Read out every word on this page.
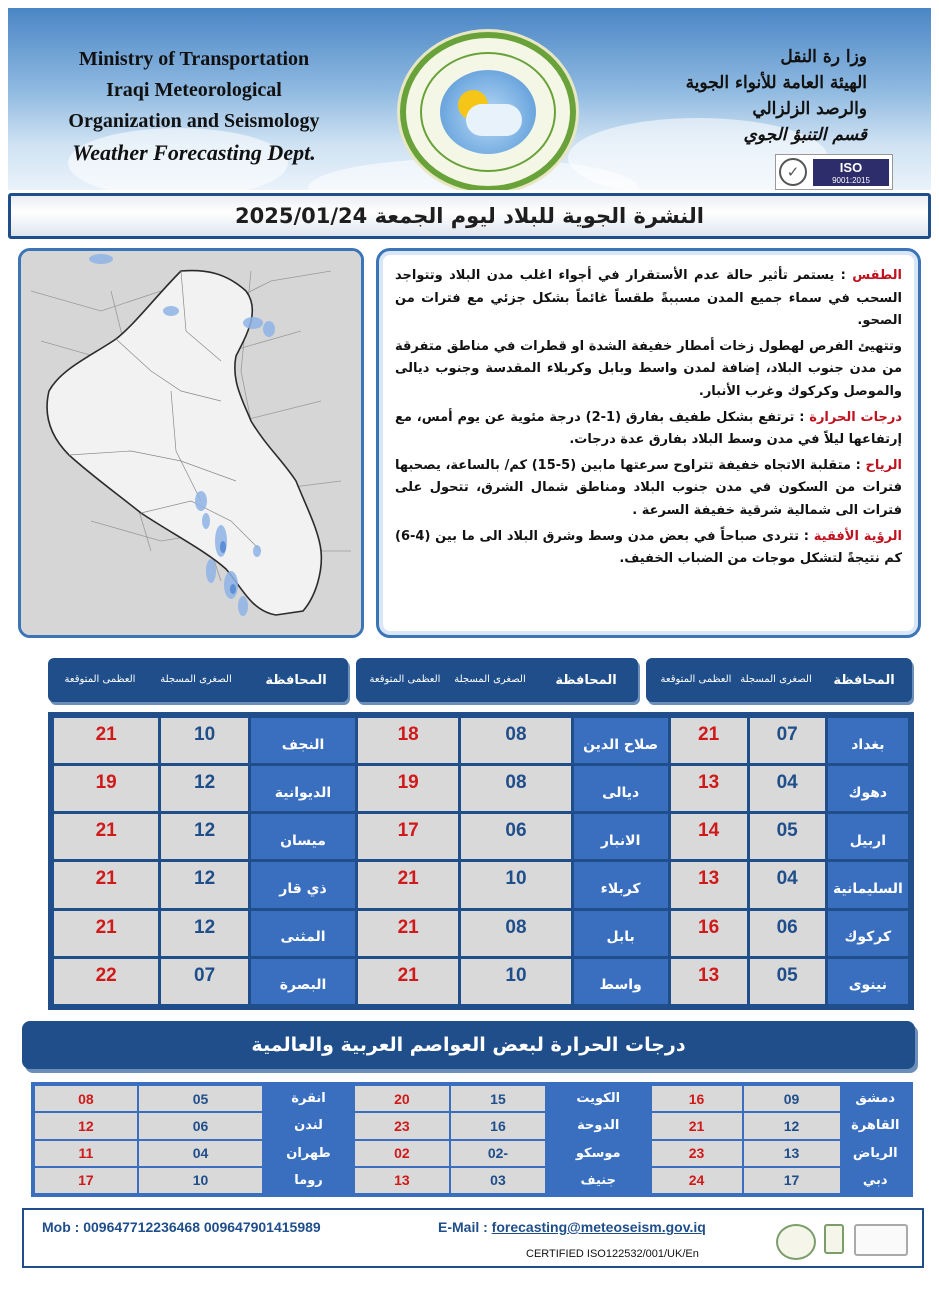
Ministry of Transportation
Iraqi Meteorological
Organization and Seismology
Weather Forecasting Dept.
وزا رة النقل
الهيئة العامة للأنواء الجوية
والرصد الزلزالي
قسم التنبؤ الجوي
✓	ISO
9001:2015
النشرة الجوية للبلاد ليوم الجمعة 2025/01/24

الطقس : يستمر تأثير حالة عدم الأستقرار في أجواء اغلب مدن البلاد وتتواجد السحب في سماء جميع المدن مسببةً طقساً غائماً بشكل جزئي مع فترات من الصحو.

وتتهيئ الفرص لهطول زخات أمطار خفيفة الشدة او قطرات في مناطق متفرقة من مدن جنوب البلاد، إضافة لمدن واسط وبابل وكربلاء المقدسة وجنوب ديالى والموصل وكركوك وغرب الأنبار.

درجات الحرارة : ترتفع بشكل طفيف بفارق (1-2) درجة مئوية عن يوم أمس، مع إرتفاعها ليلاً في مدن وسط البلاد بفارق عدة درجات.

الرياح : متقلبة الاتجاه خفيفة تتراوح سرعتها مابين (5-15) كم/ بالساعة، يصحبها فترات من السكون في مدن جنوب البلاد ومناطق شمال الشرق، تتحول على فترات الى شمالية شرقية خفيفة السرعة .

الرؤية الأفقية : تتردى صباحاً في بعض مدن وسط وشرق البلاد الى ما بين (4-6) كم نتيجةً لتشكل موجات من الضباب الخفيف.

المحافظة
الصغرى المسجلة
العظمى المتوقعة
المحافظة
الصغرى المسجلة
العظمى المتوقعة
المحافظة
الصغرى المسجلة
العظمى المتوقعة
بغداد	07	21	صلاح الدين	08	18	النجف	10	21
دهوك	04	13	ديالى	08	19	الديوانية	12	19
اربيل	05	14	الانبار	06	17	ميسان	12	21
السليمانية	04	13	كربلاء	10	21	ذي قار	12	21
كركوك	06	16	بابل	08	21	المثنى	12	21
نينوى	05	13	واسط	10	21	البصرة	07	22
درجات الحرارة لبعض العواصم العربية والعالمية
دمشق	09	16	الكويت	15	20	انقرة	05	08
القاهرة	12	21	الدوحة	16	23	لندن	06	12
الرياض	13	23	موسكو	-02	02	طهران	04	11
دبي	17	24	جنيف	03	13	روما	10	17
Mob : 009647712236468 009647901415989	E-Mail : forecasting@meteoseism.gov.iq
CERTIFIED ISO122532/001/UK/En
